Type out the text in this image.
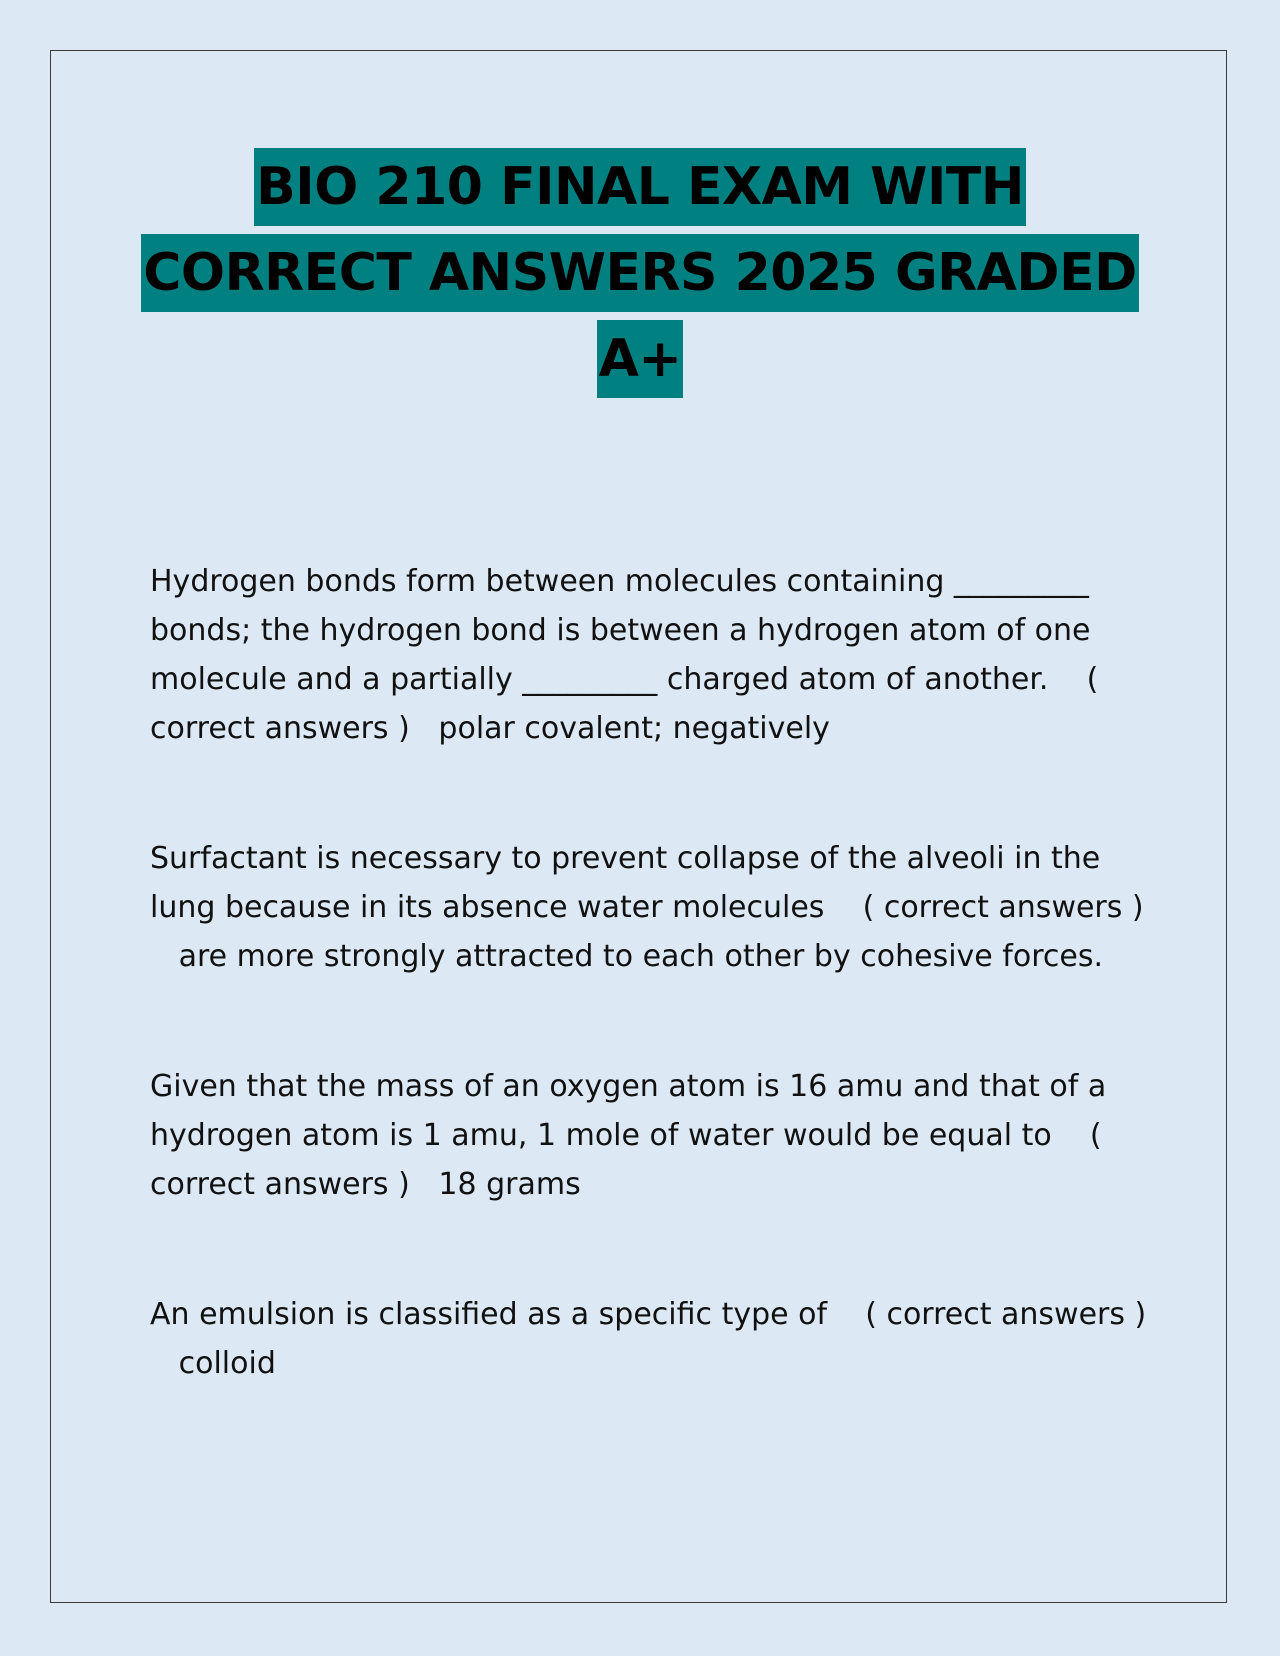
BIO 210 FINAL EXAM WITH
CORRECT ANSWERS 2025 GRADED
A+

Hydrogen bonds form between molecules containing _________ bonds; the hydrogen bond is between a hydrogen atom of one molecule and a partially _________ charged atom of another. ( correct answers ) polar covalent; negatively

Surfactant is necessary to prevent collapse of the alveoli in the lung because in its absence water molecules ( correct answers )   are more strongly attracted to each other by cohesive forces.

Given that the mass of an oxygen atom is 16 amu and that of a hydrogen atom is 1 amu, 1 mole of water would be equal to ( correct answers ) 18 grams

An emulsion is classified as a specific type of ( correct answers )   colloid
